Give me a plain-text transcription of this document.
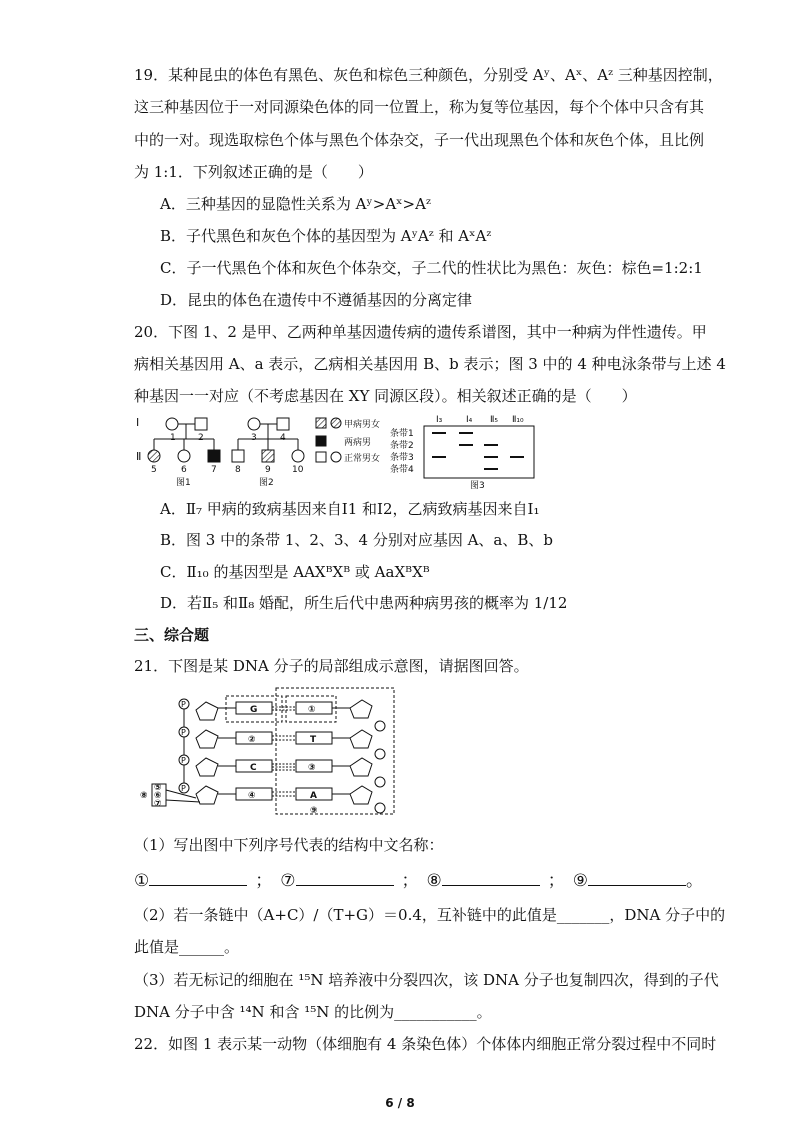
19．某种昆虫的体色有黑色、灰色和棕色三种颜色，分别受 Aʸ、Aˣ、Aᶻ 三种基因控制，
这三种基因位于一对同源染色体的同一位置上，称为复等位基因，每个个体中只含有其
中的一对。现选取棕色个体与黑色个体杂交，子一代出现黑色个体和灰色个体，且比例
为 1:1．下列叙述正确的是（　　）
A．三种基因的显隐性关系为 Aʸ>Aˣ>Aᶻ
B．子代黑色和灰色个体的基因型为 AʸAᶻ 和 AˣAᶻ
C．子一代黑色个体和灰色个体杂交，子二代的性状比为黑色：灰色：棕色=1:2:1
D．昆虫的体色在遗传中不遵循基因的分离定律
20．下图 1、2 是甲、乙两种单基因遗传病的遗传系谱图，其中一种病为伴性遗传。甲
病相关基因用 A、a 表示，乙病相关基因用 B、b 表示；图 3 中的 4 种电泳条带与上述 4
种基因一一对应（不考虑基因在 XY 同源区段）。相关叙述正确的是（　　）
Ⅰ
Ⅱ
1 2
5	6	7
图1
3	4
8	9 10
图2
甲病男女
两病男
正常男女
Ⅰ₃	Ⅰ₄ Ⅱ₅ Ⅱ₁₀
条带1
条带2
条带3
条带4
图3
A．Ⅱ₇ 甲病的致病基因来自Ⅰ1 和Ⅰ2，乙病致病基因来自Ⅰ₁
B．图 3 中的条带 1、2、3、4 分别对应基因 A、a、B、b
C．Ⅱ₁₀ 的基因型是 AAXᴮXᴮ 或 AaXᴮXᴮ
D．若Ⅱ₅ 和Ⅱ₈ 婚配，所生后代中患两种病男孩的概率为 1/12
三、综合题
21．下图是某 DNA 分子的局部组成示意图，请据图回答。
P
P
P
P
G
②
C
④
①
T
③
A
⑤
⑥
⑦
⑧
⑨
（1）写出图中下列序号代表的结构中文名称：
①	； ⑦	； ⑧	； ⑨	。
（2）若一条链中（A+C）/（T+G）＝0.4，互补链中的此值是_______，DNA 分子中的
此值是______。
（3）若无标记的细胞在 ¹⁵N 培养液中分裂四次，该 DNA 分子也复制四次，得到的子代
DNA 分子中含 ¹⁴N 和含 ¹⁵N 的比例为___________。
22．如图 1 表示某一动物（体细胞有 4 条染色体）个体体内细胞正常分裂过程中不同时
6 / 8
